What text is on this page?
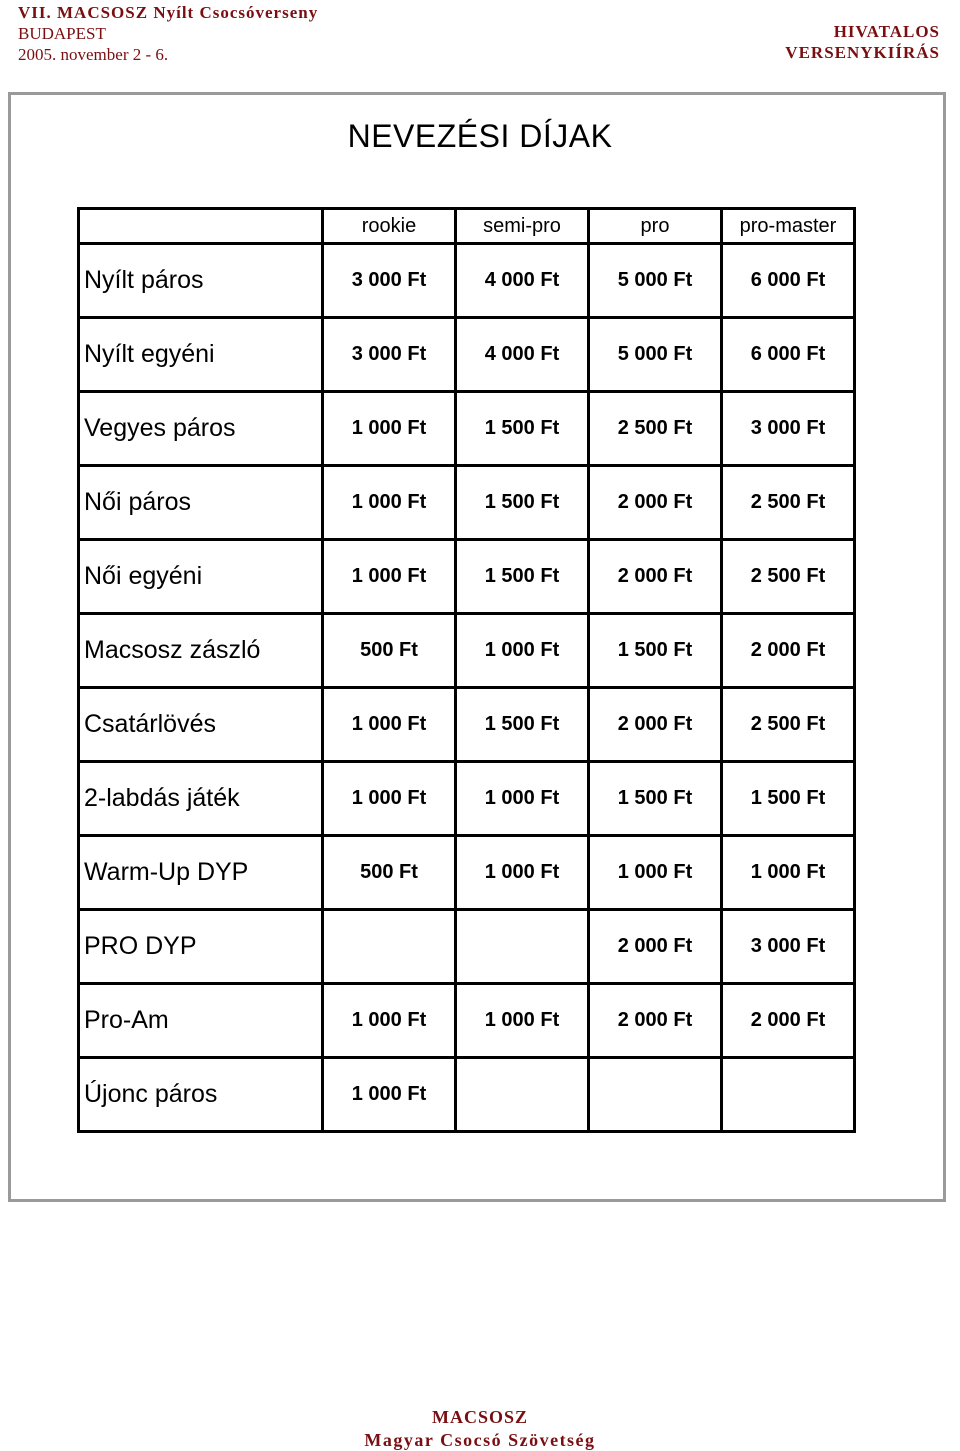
VII. MACSOSZ Nyílt Csocsóverseny
BUDAPEST
2005. november 2 - 6.
HIVATALOS
VERSENYKIÍRÁS
NEVEZÉSI DÍJAK
	rookie	semi-pro	pro	pro-master
Nyílt páros	3 000 Ft	4 000 Ft	5 000 Ft	6 000 Ft
Nyílt egyéni	3 000 Ft	4 000 Ft	5 000 Ft	6 000 Ft
Vegyes páros	1 000 Ft	1 500 Ft	2 500 Ft	3 000 Ft
Női páros	1 000 Ft	1 500 Ft	2 000 Ft	2 500 Ft
Női egyéni	1 000 Ft	1 500 Ft	2 000 Ft	2 500 Ft
Macsosz zászló	500 Ft	1 000 Ft	1 500 Ft	2 000 Ft
Csatárlövés	1 000 Ft	1 500 Ft	2 000 Ft	2 500 Ft
2-labdás játék	1 000 Ft	1 000 Ft	1 500 Ft	1 500 Ft
Warm-Up DYP	500 Ft	1 000 Ft	1 000 Ft	1 000 Ft
PRO DYP			2 000 Ft	3 000 Ft
Pro-Am	1 000 Ft	1 000 Ft	2 000 Ft	2 000 Ft
Újonc páros	1 000 Ft			
MACSOSZ
Magyar Csocsó Szövetség
